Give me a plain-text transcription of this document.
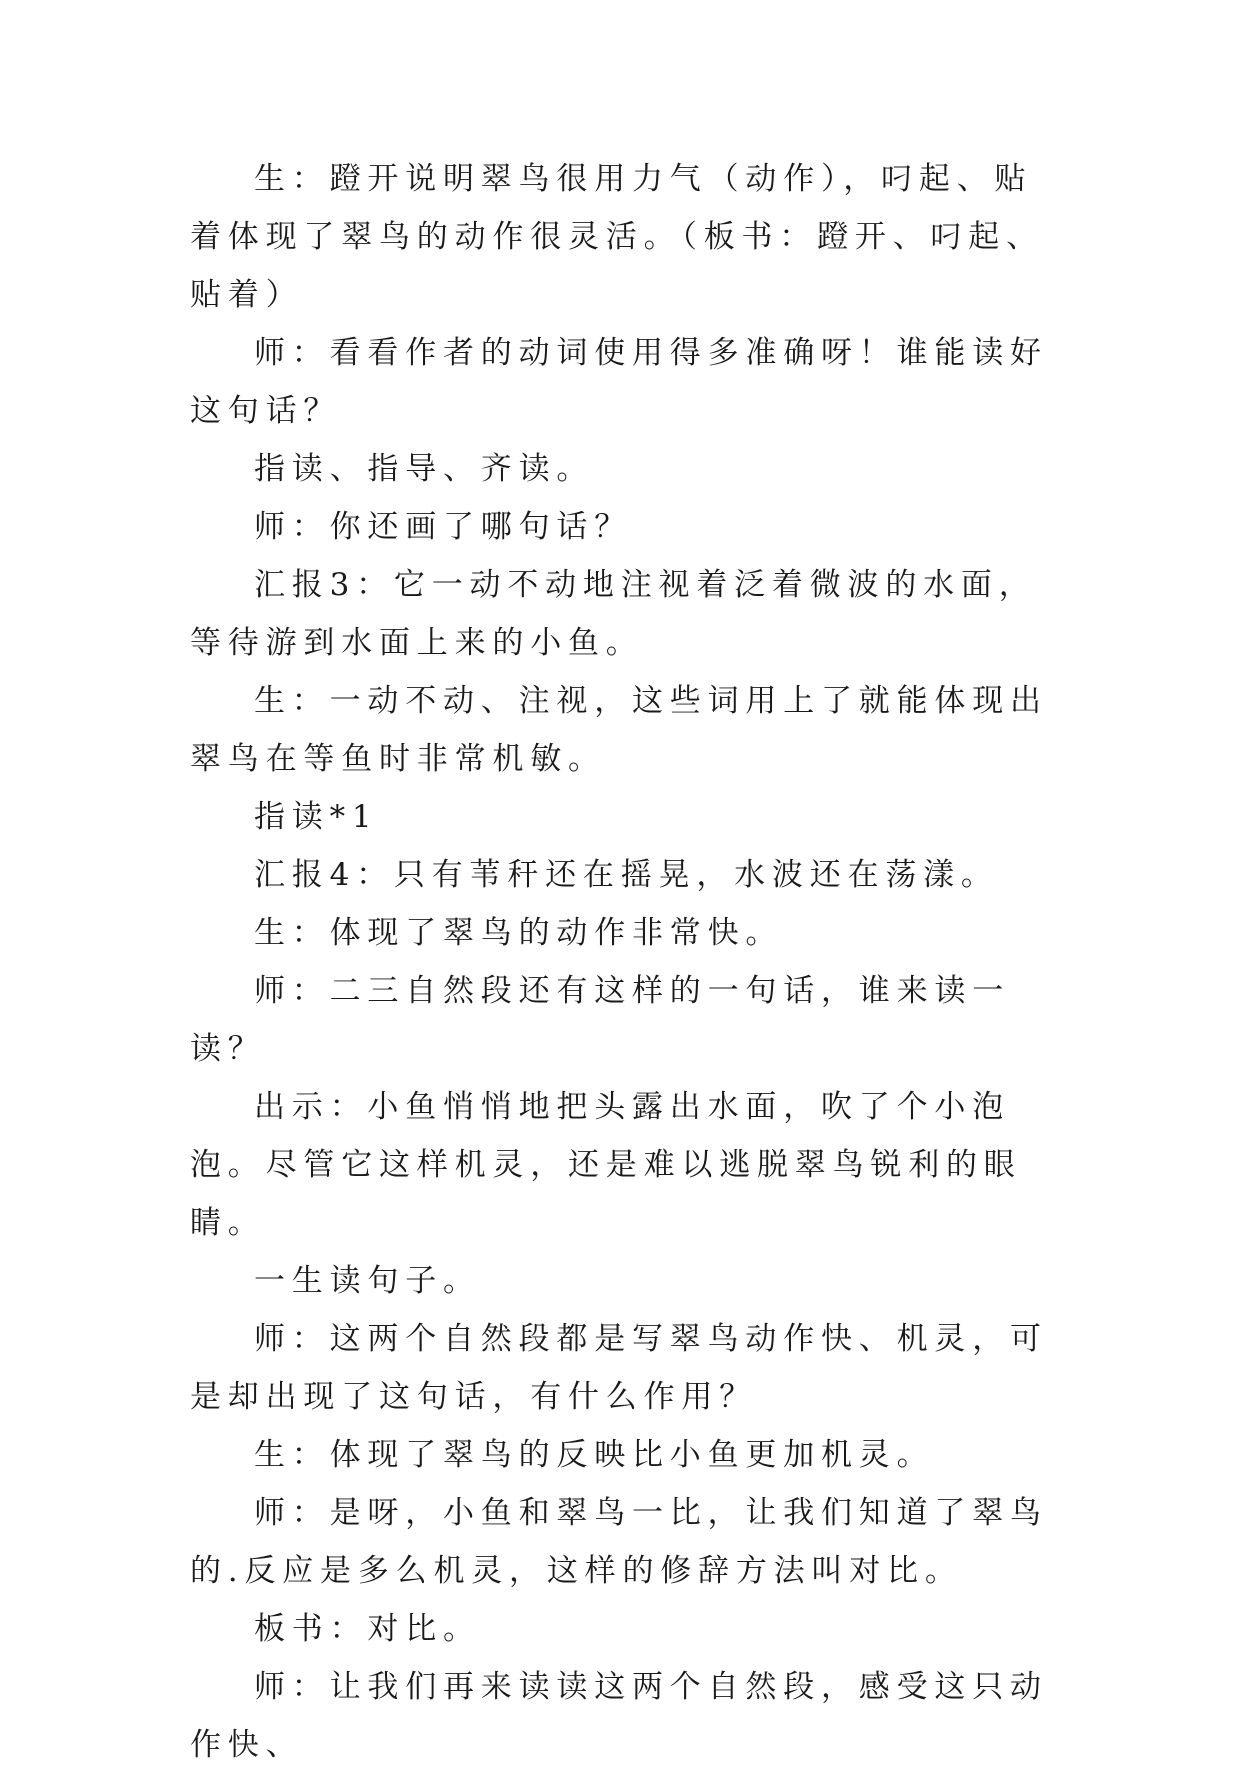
生：蹬开说明翠鸟很用力气（动作），叼起、贴着体现了翠鸟的动作很灵活。（板书：蹬开、叼起、贴着）

师：看看作者的动词使用得多准确呀！谁能读好这句话？

指读、指导、齐读。

师：你还画了哪句话？

汇报3：它一动不动地注视着泛着微波的水面，等待游到水面上来的小鱼。

生：一动不动、注视，这些词用上了就能体现出翠鸟在等鱼时非常机敏。

指读*1

汇报4：只有苇秆还在摇晃，水波还在荡漾。

生：体现了翠鸟的动作非常快。

师：二三自然段还有这样的一句话，谁来读一读？

出示：小鱼悄悄地把头露出水面，吹了个小泡泡。尽管它这样机灵，还是难以逃脱翠鸟锐利的眼睛。

一生读句子。

师：这两个自然段都是写翠鸟动作快、机灵，可是却出现了这句话，有什么作用？

生：体现了翠鸟的反映比小鱼更加机灵。

师：是呀，小鱼和翠鸟一比，让我们知道了翠鸟的.反应是多么机灵，这样的修辞方法叫对比。

板书：对比。

师：让我们再来读读这两个自然段，感受这只动作快、
